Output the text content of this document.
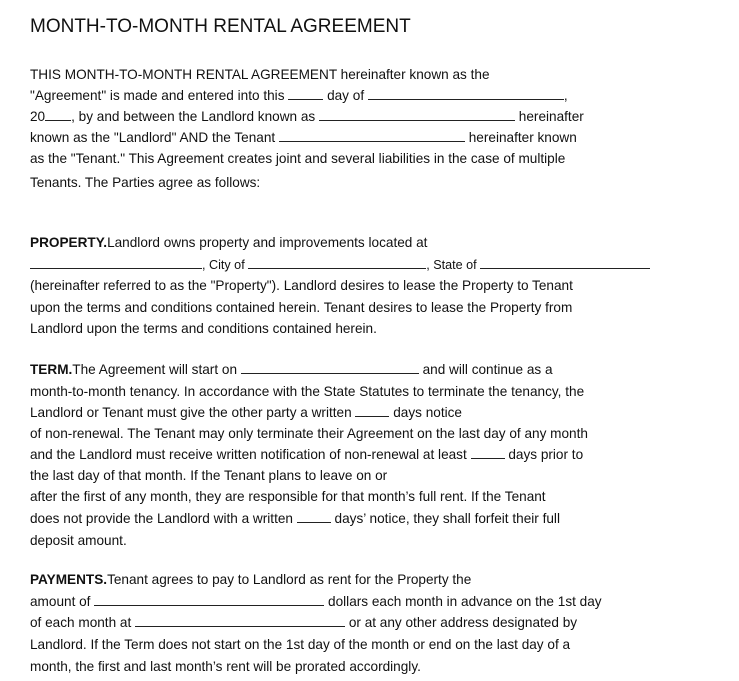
MONTH-TO-MONTH RENTAL AGREEMENT
THIS MONTH-TO-MONTH RENTAL AGREEMENT hereinafter known as the
"Agreement" is made and entered into this	day of	,
20 , by and between the Landlord known as	hereinafter
known as the "Landlord" AND the Tenant	hereinafter known
as the "Tenant." This Agreement creates joint and several liabilities in the case of multiple
Tenants. The Parties agree as follows:
PROPERTY.Landlord owns property and improvements located at
, City of	, State of
(hereinafter referred to as the "Property"). Landlord desires to lease the Property to Tenant
upon the terms and conditions contained herein. Tenant desires to lease the Property from
Landlord upon the terms and conditions contained herein.
TERM.The Agreement will start on	and will continue as a
month-to-month tenancy. In accordance with the State Statutes to terminate the tenancy, the
Landlord or Tenant must give the other party a written	days notice
of non-renewal. The Tenant may only terminate their Agreement on the last day of any month
and the Landlord must receive written notification of non-renewal at least	days prior to
the last day of that month. If the Tenant plans to leave on or
after the first of any month, they are responsible for that month’s full rent. If the Tenant
does not provide the Landlord with a written	days’ notice, they shall forfeit their full
deposit amount.
PAYMENTS.Tenant agrees to pay to Landlord as rent for the Property the
amount of	dollars each month in advance on the 1st day
of each month at	or at any other address designated by
Landlord. If the Term does not start on the 1st day of the month or end on the last day of a
month, the first and last month’s rent will be prorated accordingly.
